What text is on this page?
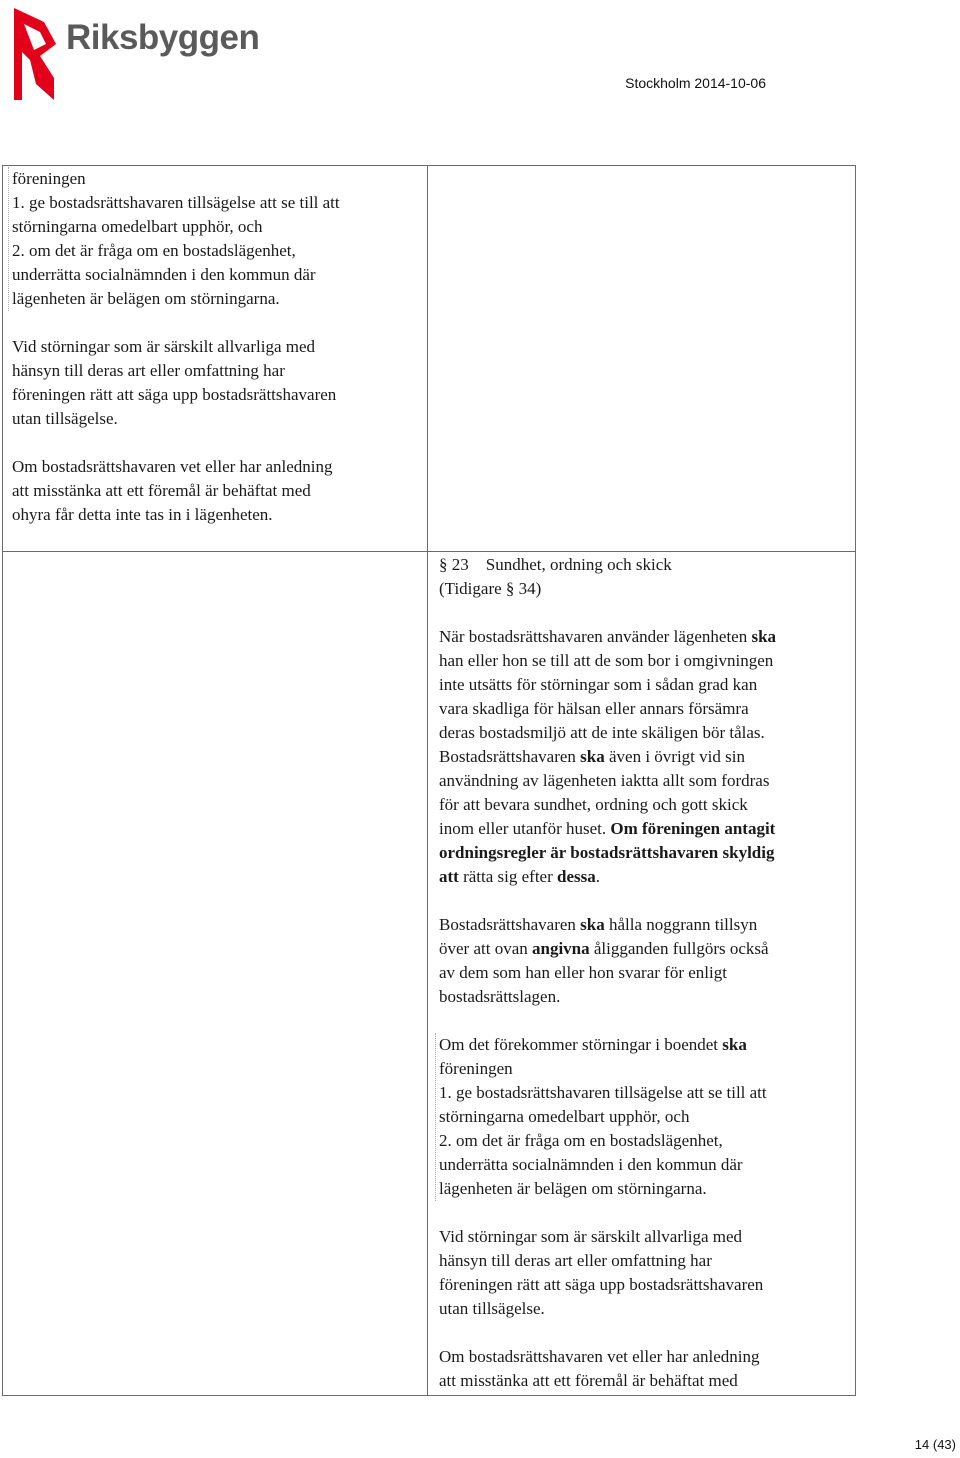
Riksbyggen
Stockholm 2014-10-06
föreningen
1. ge bostadsrättshavaren tillsägelse att se till att
störningarna omedelbart upphör, och
2. om det är fråga om en bostadslägenhet,
underrätta socialnämnden i den kommun där
lägenheten är belägen om störningarna.
Vid störningar som är särskilt allvarliga med
hänsyn till deras art eller omfattning har
föreningen rätt att säga upp bostadsrättshavaren
utan tillsägelse.
Om bostadsrättshavaren vet eller har anledning
att misstänka att ett föremål är behäftat med
ohyra får detta inte tas in i lägenheten.
§ 23 Sundhet, ordning och skick
(Tidigare § 34)
När bostadsrättshavaren använder lägenheten ska
han eller hon se till att de som bor i omgivningen
inte utsätts för störningar som i sådan grad kan
vara skadliga för hälsan eller annars försämra
deras bostadsmiljö att de inte skäligen bör tålas.
Bostadsrättshavaren ska även i övrigt vid sin
användning av lägenheten iaktta allt som fordras
för att bevara sundhet, ordning och gott skick
inom eller utanför huset. Om föreningen antagit
ordningsregler är bostadsrättshavaren skyldig
att rätta sig efter dessa.
Bostadsrättshavaren ska hålla noggrann tillsyn
över att ovan angivna åligganden fullgörs också
av dem som han eller hon svarar för enligt
bostadsrättslagen.
Om det förekommer störningar i boendet ska
föreningen
1. ge bostadsrättshavaren tillsägelse att se till att
störningarna omedelbart upphör, och
2. om det är fråga om en bostadslägenhet,
underrätta socialnämnden i den kommun där
lägenheten är belägen om störningarna.
Vid störningar som är särskilt allvarliga med
hänsyn till deras art eller omfattning har
föreningen rätt att säga upp bostadsrättshavaren
utan tillsägelse.
Om bostadsrättshavaren vet eller har anledning
att misstänka att ett föremål är behäftat med
14 (43)
